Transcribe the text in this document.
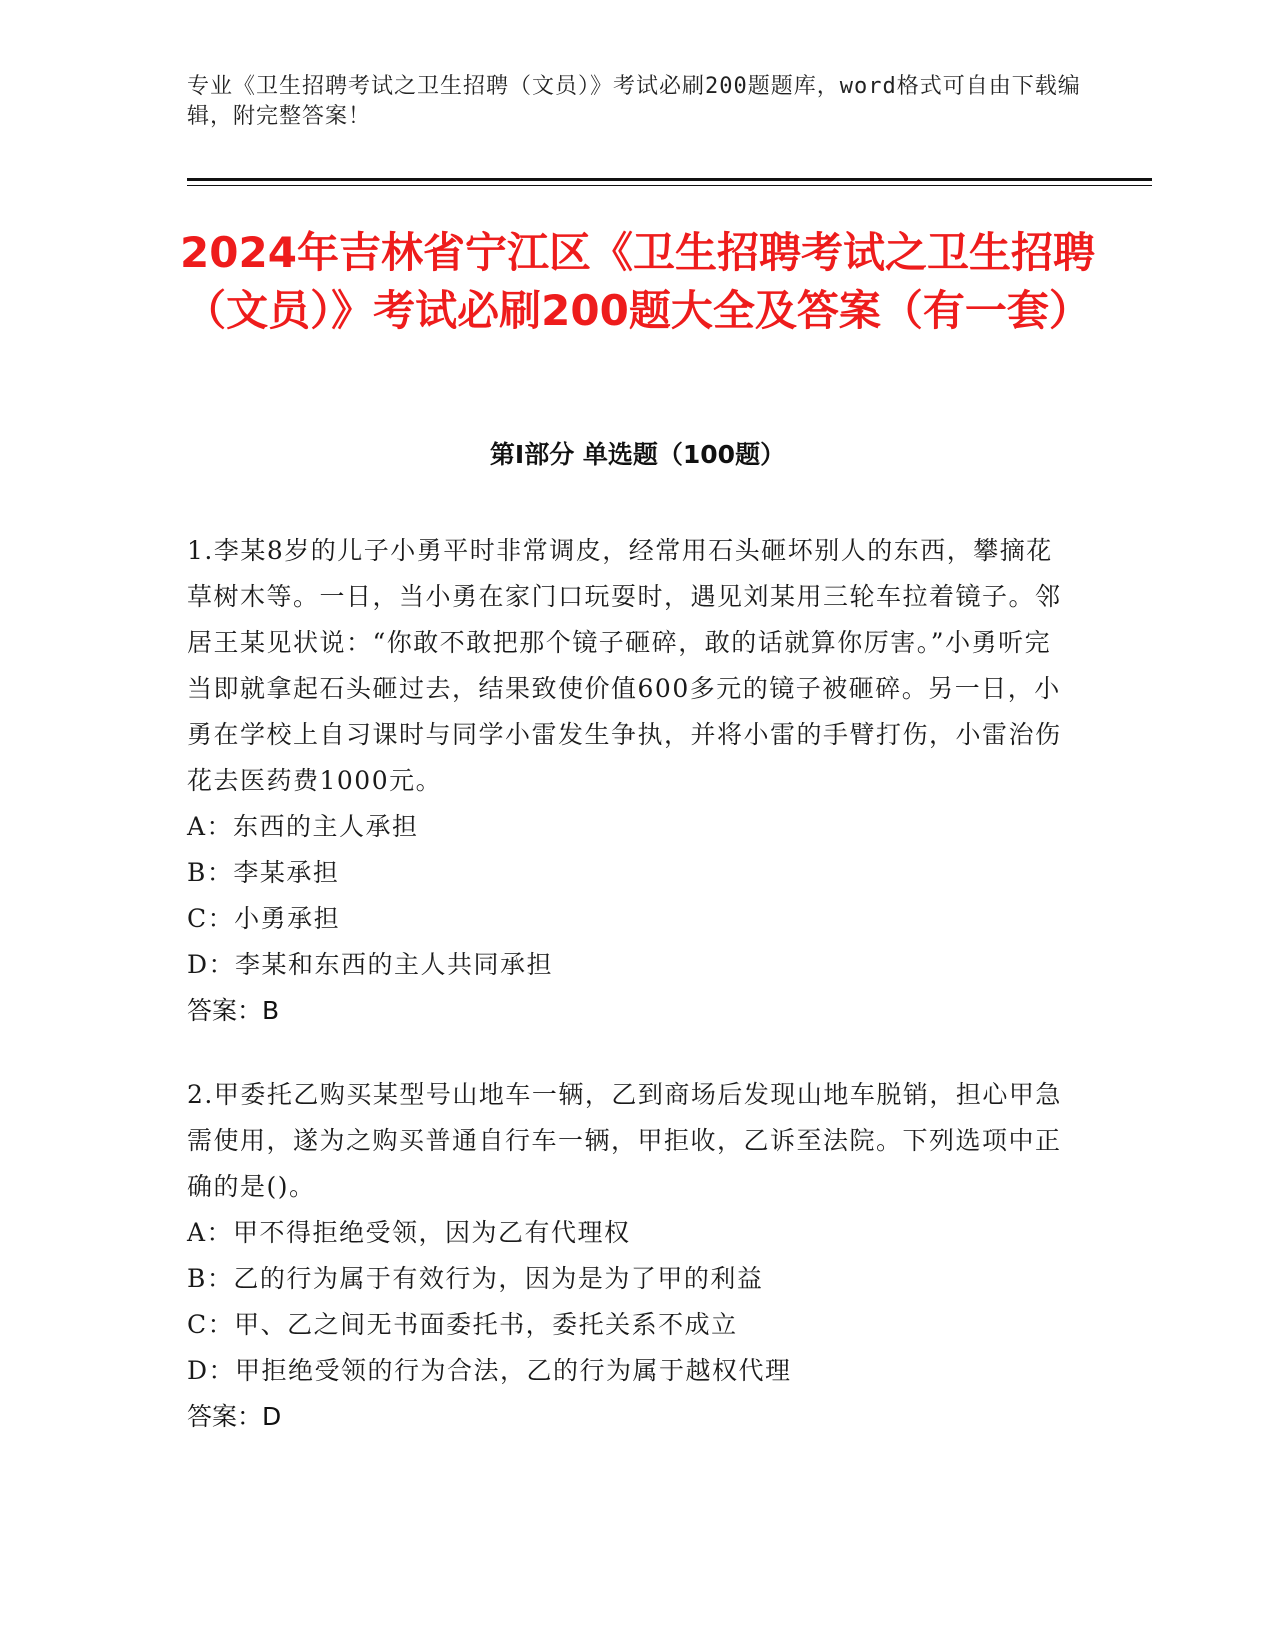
专业《卫生招聘考试之卫生招聘（文员）》考试必刷200题题库，word格式可自由下载编辑，附完整答案！
2024年吉林省宁江区《卫生招聘考试之卫生招聘（文员）》考试必刷200题大全及答案（有一套）
第Ⅰ部分 单选题（100题）

1.李某8岁的儿子小勇平时非常调皮，经常用石头砸坏别人的东西，攀摘花草树木等。一日，当小勇在家门口玩耍时，遇见刘某用三轮车拉着镜子。邻居王某见状说：“你敢不敢把那个镜子砸碎，敢的话就算你厉害。”小勇听完当即就拿起石头砸过去，结果致使价值600多元的镜子被砸碎。另一日，小勇在学校上自习课时与同学小雷发生争执，并将小雷的手臂打伤，小雷治伤花去医药费1000元。

A：东西的主人承担

B：李某承担

C：小勇承担

D：李某和东西的主人共同承担

答案：B

2.甲委托乙购买某型号山地车一辆，乙到商场后发现山地车脱销，担心甲急需使用，遂为之购买普通自行车一辆，甲拒收，乙诉至法院。下列选项中正确的是()。

A：甲不得拒绝受领，因为乙有代理权

B：乙的行为属于有效行为，因为是为了甲的利益

C：甲、乙之间无书面委托书，委托关系不成立

D：甲拒绝受领的行为合法，乙的行为属于越权代理

答案：D
